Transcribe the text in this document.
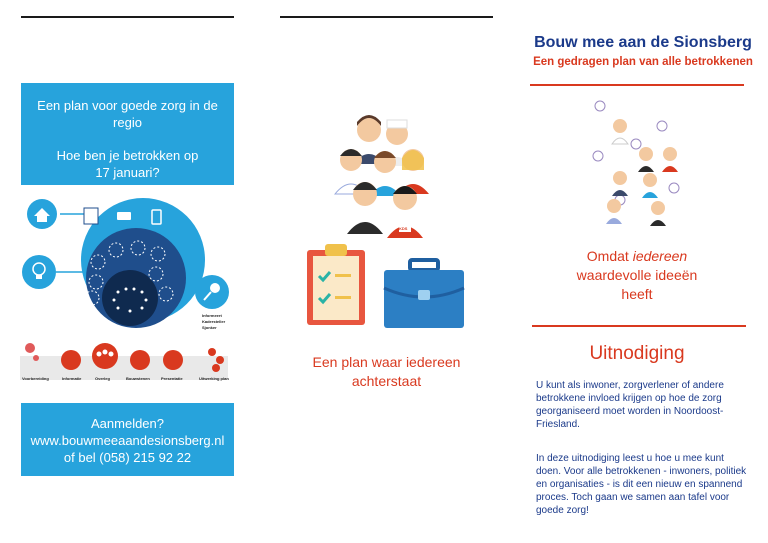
Een plan voor goede zorg in de regio

Hoe ben je betrokken op

17 januari?

Informeert
Kadersteller
Sjonker
Voorbereiding	Informatie	Overleg	Bouwstenen	Presentatie	Uitwerking plan

Aanmelden?

www.bouwmeeaandesionsberg.nl

of bel (058) 215 92 22

KDS
Een plan waar iedereen
achterstaat
Bouw mee aan de Sionsberg
Een gedragen plan van alle betrokkenen
Omdat iedereen
waardevolle ideeën
heeft
Uitnodiging
U kunt als inwoner, zorgverlener of andere betrokkene invloed krijgen op hoe de zorg georganiseerd moet worden in Noordoost-Friesland.
In deze uitnodiging leest u hoe u mee kunt doen. Voor alle betrokkenen - inwoners, politiek en organisaties - is dit een nieuw en spannend proces. Toch gaan we samen aan tafel voor goede zorg!
